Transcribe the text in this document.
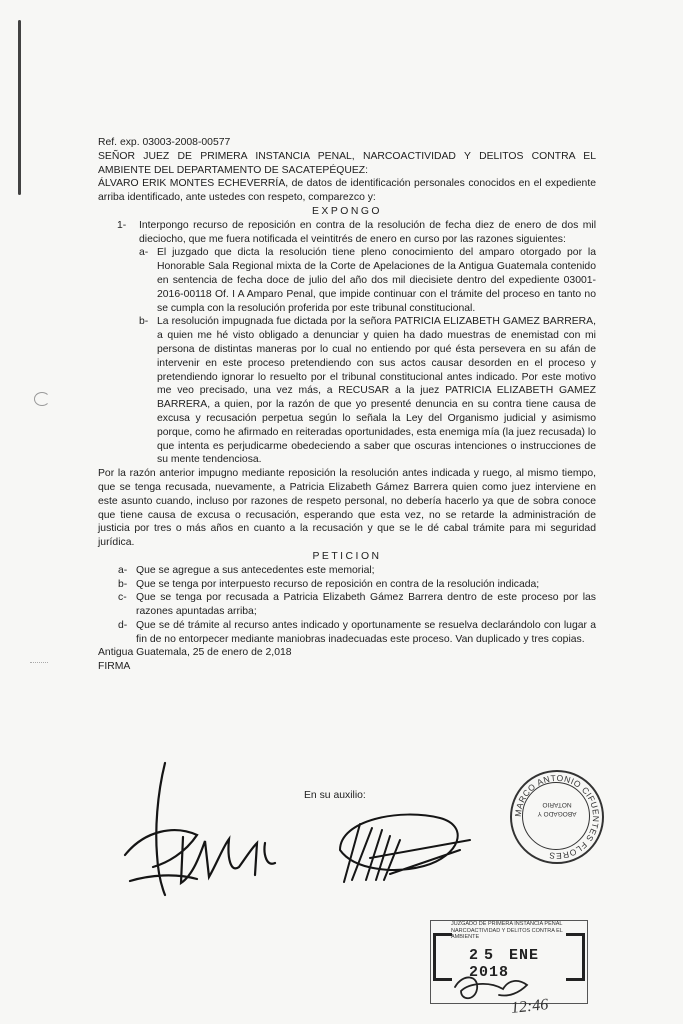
Ref. exp. 03003-2008-00577

SEÑOR JUEZ DE PRIMERA INSTANCIA PENAL, NARCOACTIVIDAD Y DELITOS CONTRA EL AMBIENTE DEL DEPARTAMENTO DE SACATEPÉQUEZ:

ÁLVARO ERIK MONTES ECHEVERRÍA, de datos de identificación personales conocidos en el expediente arriba identificado, ante ustedes con respeto, comparezco y:

EXPONGO

1-	Interpongo recurso de reposición en contra de la resolución de fecha diez de enero de dos mil dieciocho, que me fuera notificada el veintitrés de enero en curso por las razones siguientes:
a- El juzgado que dicta la resolución tiene pleno conocimiento del amparo otorgado por la Honorable Sala Regional mixta de la Corte de Apelaciones de la Antigua Guatemala contenido en sentencia de fecha doce de julio del año dos mil diecisiete dentro del expediente 03001-2016-00118 Of. I A Amparo Penal, que impide continuar con el trámite del proceso en tanto no se cumpla con la resolución proferida por este tribunal constitucional.
b- La resolución impugnada fue dictada por la señora PATRICIA ELIZABETH GAMEZ BARRERA, a quien me hé visto obligado a denunciar y quien ha dado muestras de enemistad con mi persona de distintas maneras por lo cual no entiendo por qué ésta persevera en su afán de intervenir en este proceso pretendiendo con sus actos causar desorden en el proceso y pretendiendo ignorar lo resuelto por el tribunal constitucional antes indicado. Por este motivo me veo precisado, una vez más, a RECUSAR a la juez PATRICIA ELIZABETH GAMEZ BARRERA, a quien, por la razón de que yo presenté denuncia en su contra tiene causa de excusa y recusación perpetua según lo señala la Ley del Organismo judicial y asimismo porque, como he afirmado en reiteradas oportunidades, esta enemiga mía (la juez recusada) lo que intenta es perjudicarme obedeciendo a saber que oscuras intenciones o instrucciones de su mente tendenciosa.

Por la razón anterior impugno mediante reposición la resolución antes indicada y ruego, al mismo tiempo, que se tenga recusada, nuevamente, a Patricia Elizabeth Gámez Barrera quien como juez interviene en este asunto cuando, incluso por razones de respeto personal, no debería hacerlo ya que de sobra conoce que tiene causa de excusa o recusación, esperando que esta vez, no se retarde la administración de justicia por tres o más años en cuanto a la recusación y que se le dé cabal trámite para mi seguridad jurídica.

PETICION

a- Que se agregue a sus antecedentes este memorial;
b- Que se tenga por interpuesto recurso de reposición en contra de la resolución indicada;
c- Que se tenga por recusada a Patricia Elizabeth Gámez Barrera dentro de este proceso por las razones apuntadas arriba;
d- Que se dé trámite al recurso antes indicado y oportunamente se resuelva declarándolo con lugar a fin de no entorpecer mediante maniobras inadecuadas este proceso. Van duplicado y tres copias.

Antigua Guatemala, 25 de enero de 2,018

FIRMA

En su auxilio:
MARCO ANTONIO CIFUENTES FLORES
ABOGADO Y NOTARIO
JUZGADO DE PRIMERA INSTANCIA PENAL NARCOACTIVIDAD Y DELITOS CONTRA EL AMBIENTE
25 ENE 2018
12:46
